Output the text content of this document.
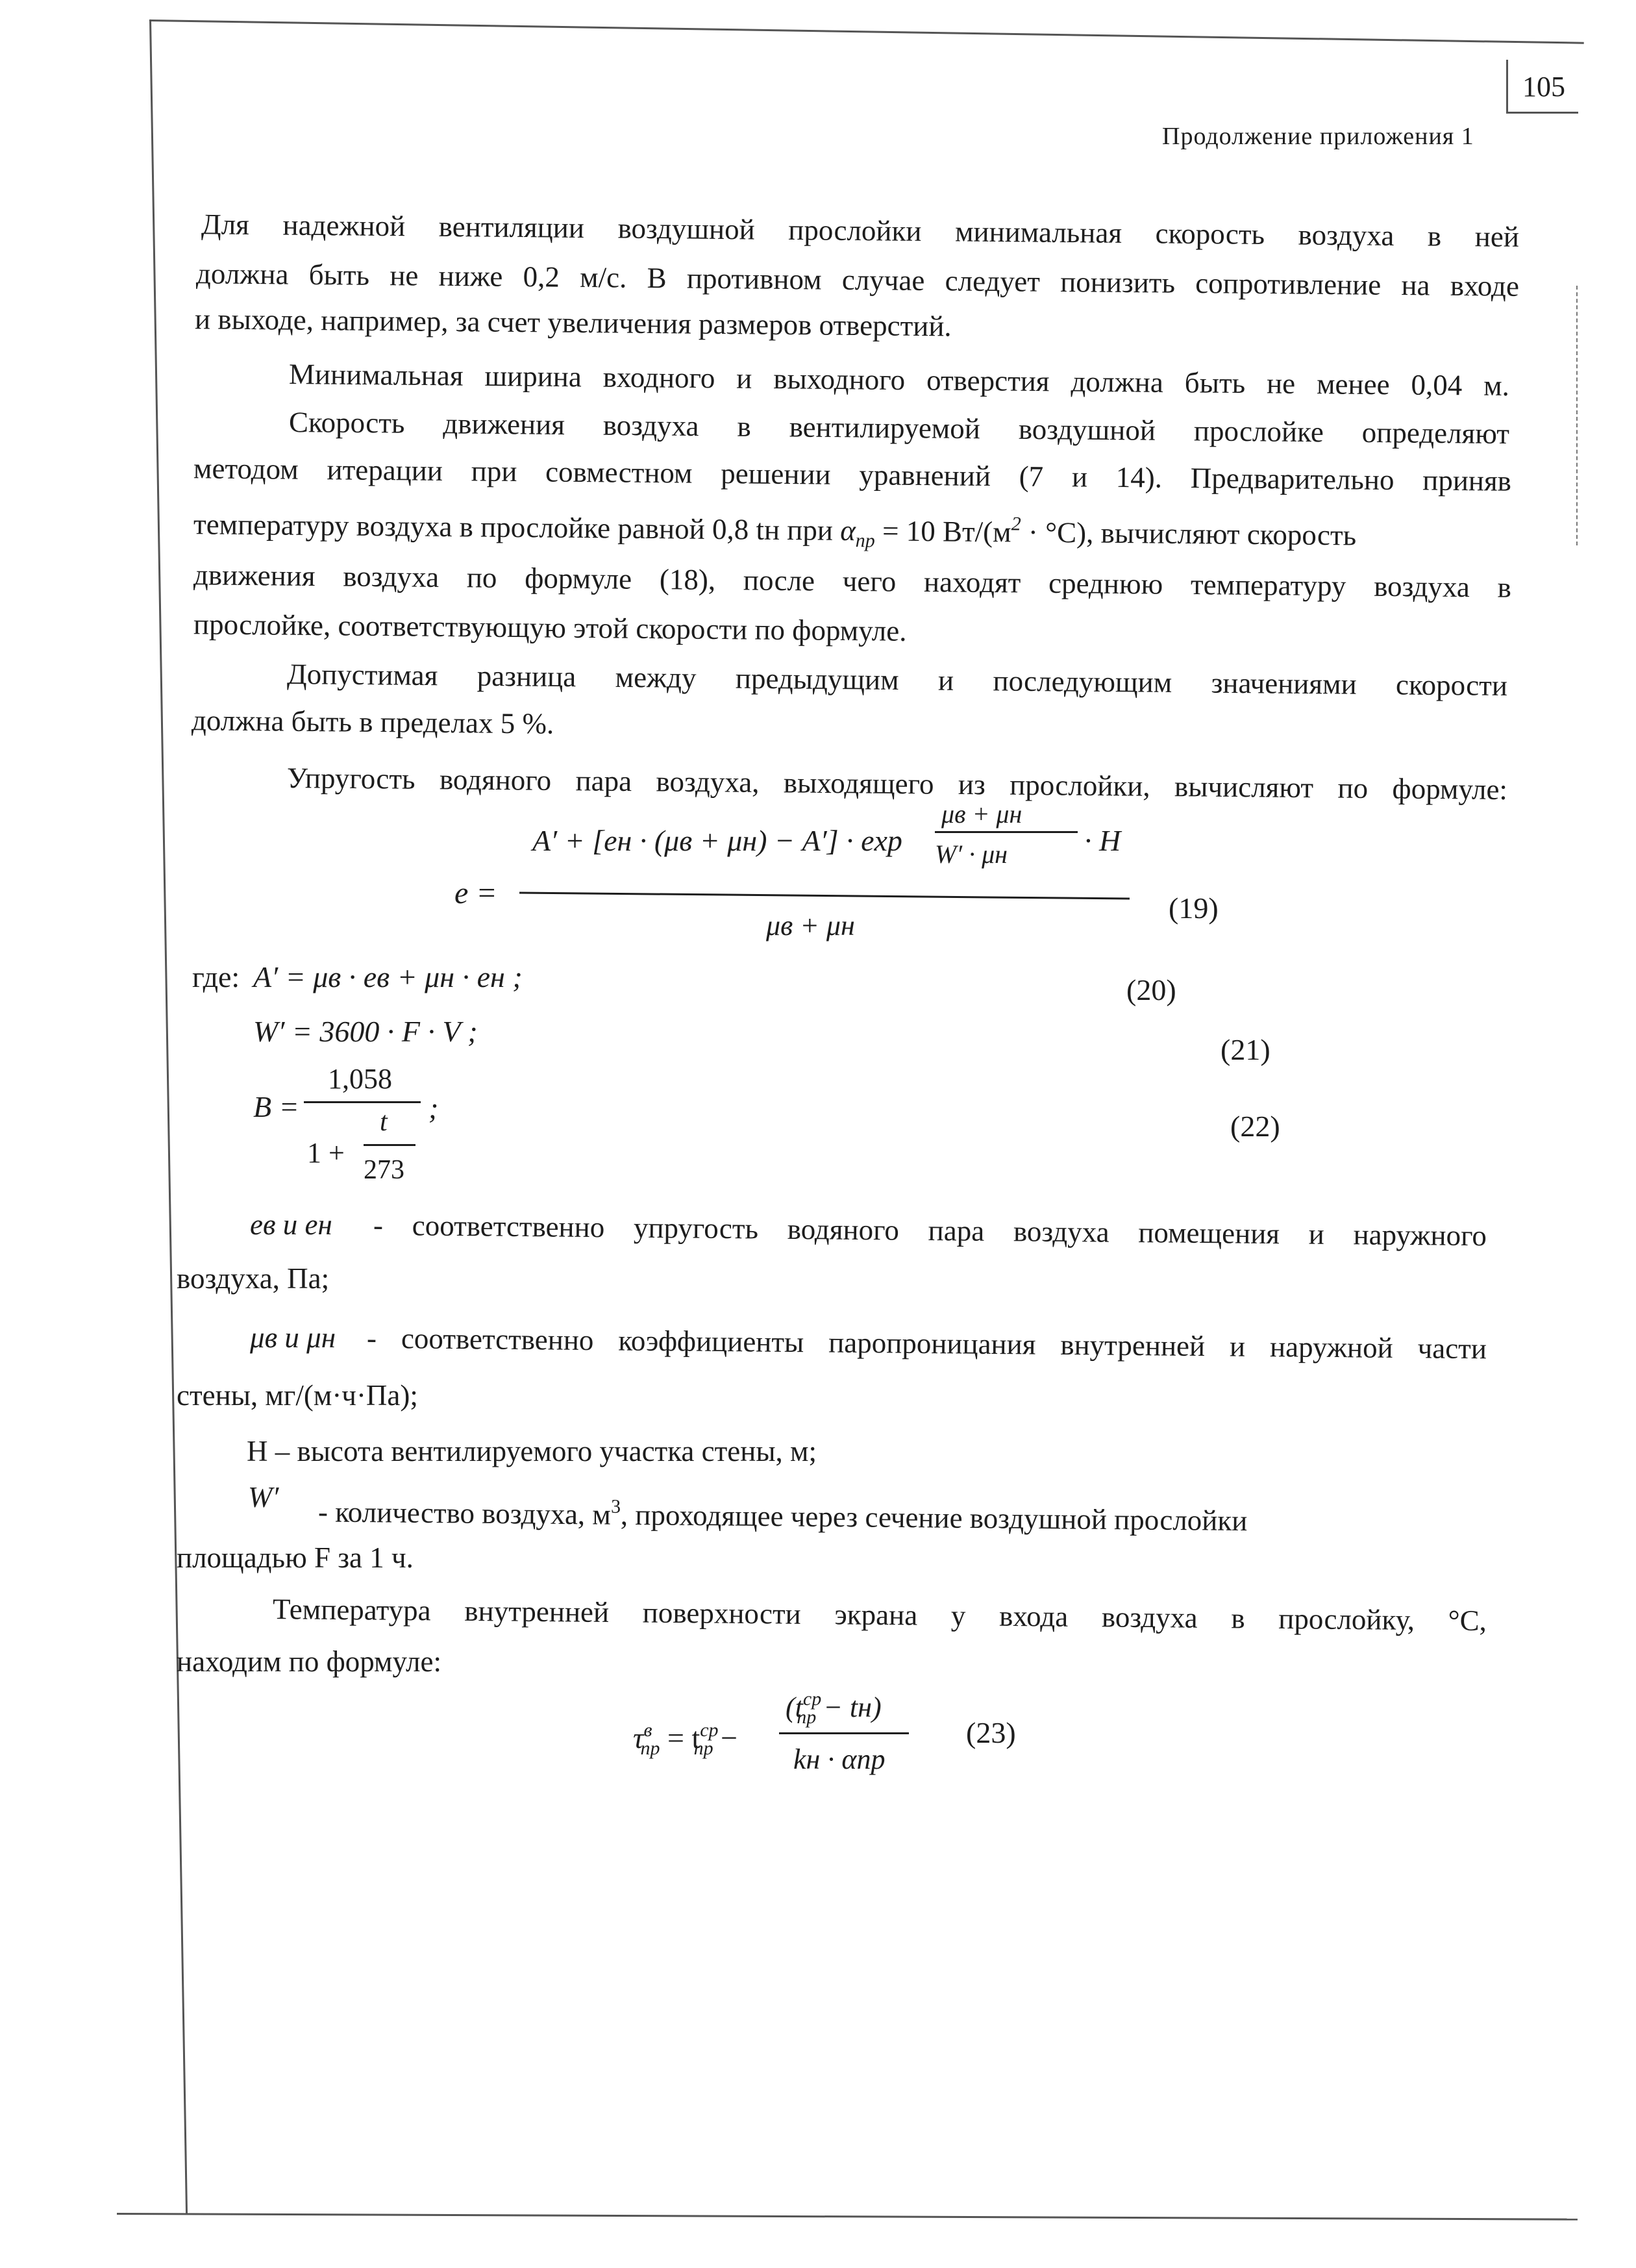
105
Продолжение приложения 1
Для надежной вентиляции воздушной прослойки минимальная скорость воздуха в ней
должна быть не ниже 0,2 м/с. В противном случае следует понизить сопротивление на входе
и выходе, например, за счет увеличения размеров отверстий.
Минимальная ширина входного и выходного отверстия должна быть не менее 0,04 м.
Скорость движения воздуха в вентилируемой воздушной прослойке определяют
методом итерации при совместном решении уравнений (7 и 14). Предварительно приняв
температуру воздуха в прослойке равной 0,8 tн при $\alpha_{пр} = 10$ $Вт/(м^2 \cdot ^\circ С)$, вычисляют скорость
движения воздуха по формуле (18), после чего находят среднюю температуру воздуха в
прослойке, соответствующую этой скорости по формуле.
Допустимая разница между предыдущим и последующим значениями скорости
должна быть в пределах 5 %.
Упругость водяного пара воздуха, выходящего из прослойки, вычисляют по формуле:
e =
A′ + [eн · (μв + μн) − A′] · exp
μв + μн
W′ · μн	· H
μв + μн
(19)
где: A′ = μв · eв + μн · eн ;	(20)
W′ = 3600 · F · V ;
(21)
B =
1,058
1 +
t
273
;
(22)
eв и eн - соответственно упругость водяного пара воздуха помещения и наружного
воздуха, Па;
μв и μн - соответственно коэффициенты паропроницания внутренней и наружной части
стены, мг/(м·ч·Па);
H – высота вентилируемого участка стены, м;
W′ - количество воздуха, $м^3$, проходящее через сечение воздушной прослойки
площадью F за 1 ч.
Температура внутренней поверхности экрана у входа воздуха в прослойку, °С,
находим по формуле:
$\tau^в_{пр} = t^{ср}_{пр}$ −
$(t^{ср}_{пр} - tн)$
kн · αпр
(23)
